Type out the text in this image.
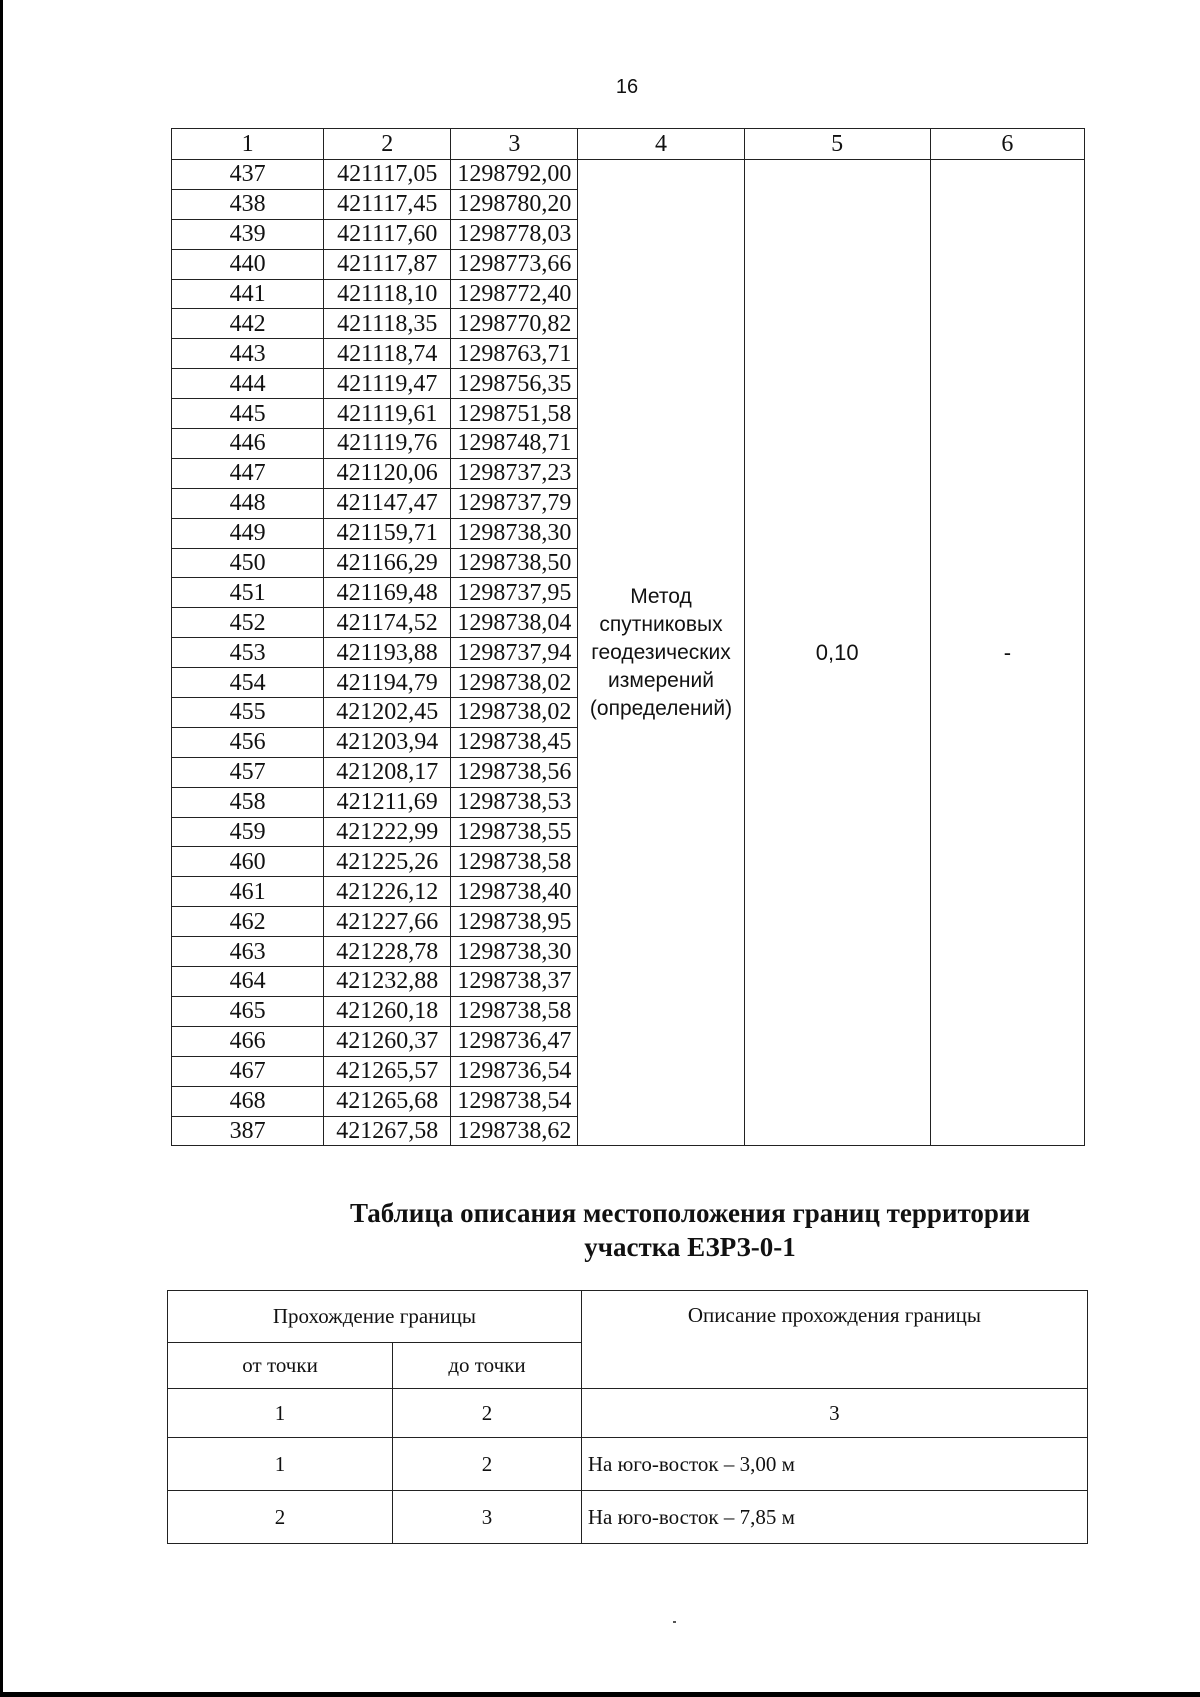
16
1	2	3	4	5	6
437	421117,05	1298792,00	Метод
спутниковых
геодезических
измерений
(определений)	0,10	-
438	421117,45	1298780,20			
439	421117,60	1298778,03			
440	421117,87	1298773,66			
441	421118,10	1298772,40			
442	421118,35	1298770,82			
443	421118,74	1298763,71			
444	421119,47	1298756,35			
445	421119,61	1298751,58			
446	421119,76	1298748,71			
447	421120,06	1298737,23			
448	421147,47	1298737,79			
449	421159,71	1298738,30			
450	421166,29	1298738,50			
451	421169,48	1298737,95			
452	421174,52	1298738,04			
453	421193,88	1298737,94			
454	421194,79	1298738,02			
455	421202,45	1298738,02			
456	421203,94	1298738,45			
457	421208,17	1298738,56			
458	421211,69	1298738,53			
459	421222,99	1298738,55			
460	421225,26	1298738,58			
461	421226,12	1298738,40			
462	421227,66	1298738,95			
463	421228,78	1298738,30			
464	421232,88	1298738,37			
465	421260,18	1298738,58			
466	421260,37	1298736,47			
467	421265,57	1298736,54			
468	421265,68	1298738,54			
387	421267,58	1298738,62			
Таблица описания местоположения границ территории
участка ЕЗРЗ-0-1
Прохождение границы		Описание прохождения границы
от точки	до точки	
1	2	3
1	2	На юго-восток – 3,00 м
2	3	На юго-восток – 7,85 м
